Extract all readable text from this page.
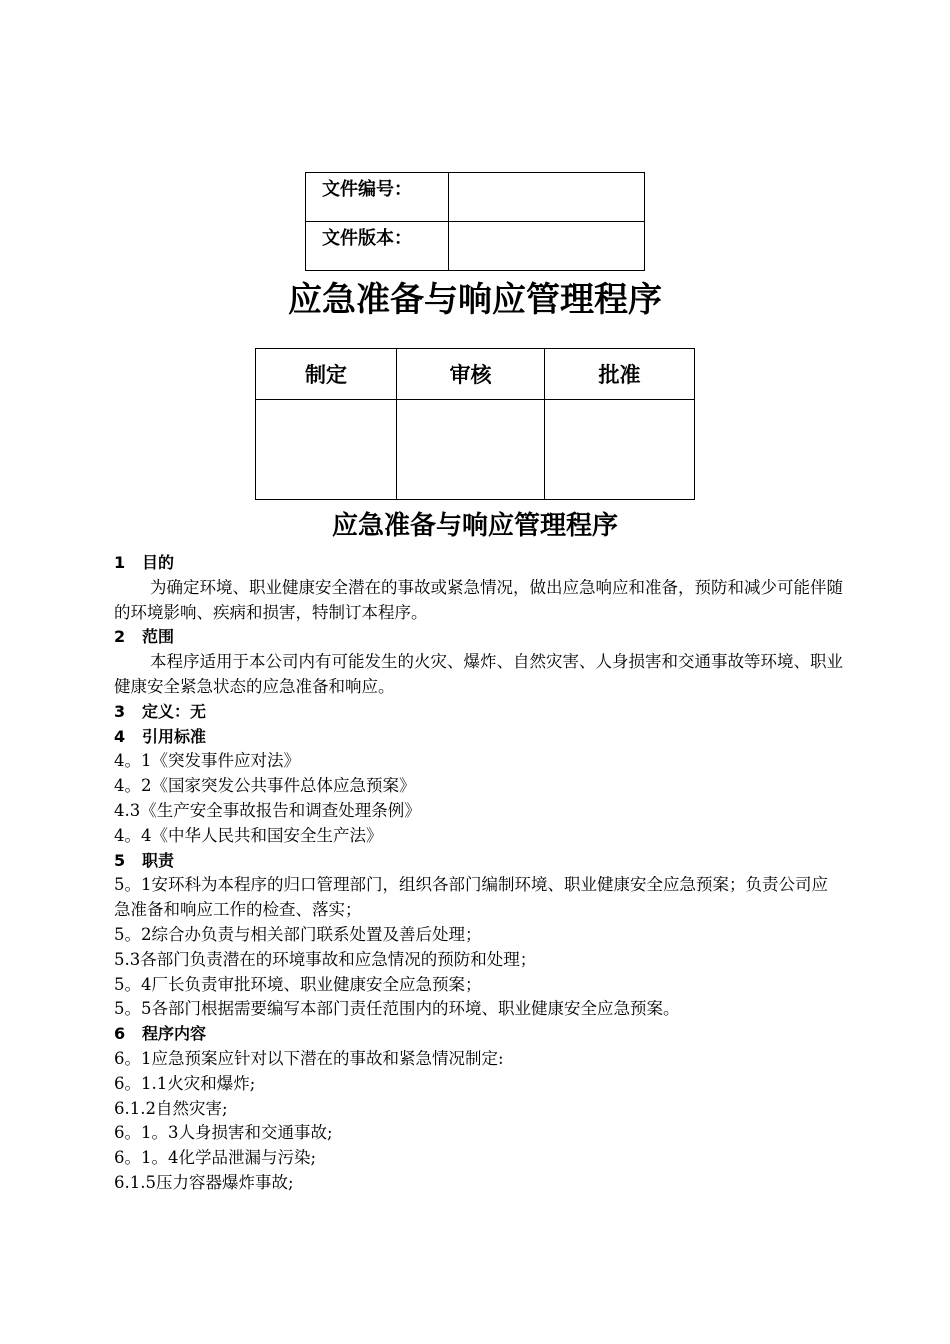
文件编号：	
文件版本：	
应急准备与响应管理程序
制定	审核	批准

应急准备与响应管理程序

1 目的

为确定环境、职业健康安全潜在的事故或紧急情况，做出应急响应和准备，预防和减少可能伴随的环境影响、疾病和损害，特制订本程序。

2 范围

本程序适用于本公司内有可能发生的火灾、爆炸、自然灾害、人身损害和交通事故等环境、职业健康安全紧急状态的应急准备和响应。

3 定义：无

4 引用标准

4。1《突发事件应对法》

4。2《国家突发公共事件总体应急预案》

4.3《生产安全事故报告和调查处理条例》

4。4《中华人民共和国安全生产法》

5 职责

5。1安环科为本程序的归口管理部门，组织各部门编制环境、职业健康安全应急预案；负责公司应急准备和响应工作的检查、落实；

5。2综合办负责与相关部门联系处置及善后处理；

5.3各部门负责潜在的环境事故和应急情况的预防和处理；

5。4厂长负责审批环境、职业健康安全应急预案；

5。5各部门根据需要编写本部门责任范围内的环境、职业健康安全应急预案。

6 程序内容

6。1应急预案应针对以下潜在的事故和紧急情况制定:

6。1.1火灾和爆炸;

6.1.2自然灾害;

6。1。3人身损害和交通事故;

6。1。4化学品泄漏与污染;

6.1.5压力容器爆炸事故;
